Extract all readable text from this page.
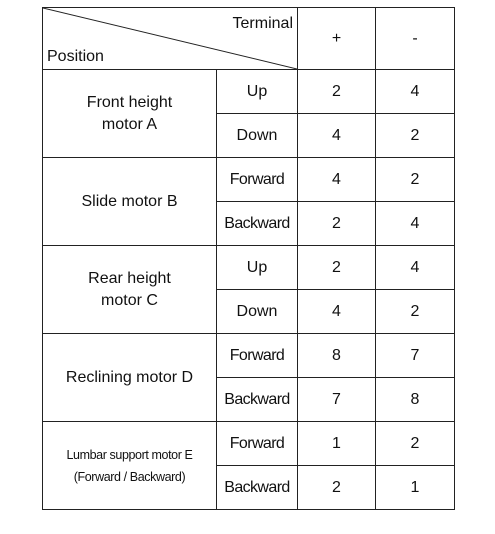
Terminal
Position		+	-

Front height
motor A	Up	2	4
	Down	4	2

Slide motor B	Forward	4	2
	Backward	2	4

Rear height
motor C	Up	2	4
	Down	4	2

Reclining motor D	Forward	8	7
	Backward	7	8

Lumbar support motor E
(Forward / Backward)	Forward	1	2
	Backward	2	1
